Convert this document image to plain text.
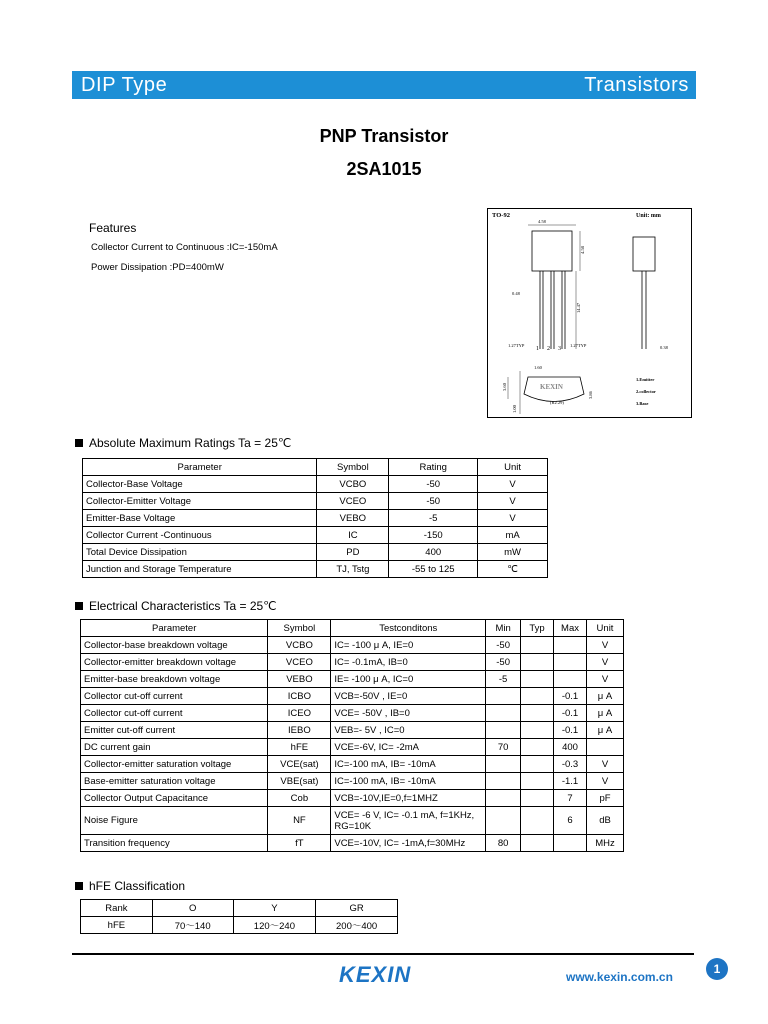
DIP Type	Transistors
PNP Transistor
2SA1015
Features
Collector Current to Continuous :IC=-150mA
Power Dissipation :PD=400mW
TO-92	Unit: mm
4.58
4.58
0.48
14.47
1.27TYP	1.27TYP
1 2 3
3.60
3.86
0.38
1.00
(R2.29)
1.60
KEXIN
1.Emitter
2.collector
3.Base
Absolute Maximum Ratings Ta = 25℃
Parameter	Symbol	Rating	Unit
Collector-Base Voltage	VCBO	-50	V
Collector-Emitter Voltage	VCEO	-50	V
Emitter-Base Voltage	VEBO	-5	V
Collector Current -Continuous	IC	-150	mA
Total Device Dissipation	PD	400	mW
Junction and Storage Temperature	TJ, Tstg	-55 to 125	℃
Electrical Characteristics Ta = 25℃
Parameter	Symbol	Testconditons	Min	Typ	Max	Unit
Collector-base breakdown voltage	VCBO	IC= -100 μ A, IE=0	-50			V
Collector-emitter breakdown voltage	VCEO	IC= -0.1mA, IB=0	-50			V
Emitter-base breakdown voltage	VEBO	IE= -100 μ A, IC=0	-5			V
Collector cut-off current	ICBO	VCB=-50V , IE=0			-0.1	μ A
Collector cut-off current	ICEO	VCE= -50V , IB=0			-0.1	μ A
Emitter cut-off current	IEBO	VEB=- 5V , IC=0			-0.1	μ A
DC current gain	hFE	VCE=-6V, IC= -2mA	70		400	
Collector-emitter saturation voltage	VCE(sat)	IC=-100 mA, IB= -10mA			-0.3	V
Base-emitter saturation voltage	VBE(sat)	IC=-100 mA, IB= -10mA			-1.1	V
Collector Output Capacitance	Cob	VCB=-10V,IE=0,f=1MHZ			7	pF
Noise Figure	NF	VCE= -6 V, IC= -0.1 mA, f=1KHz, RG=10K			6	dB
Transition frequency	fT	VCE=-10V, IC= -1mA,f=30MHz	80			MHz
hFE Classification
Rank	O	Y	GR
hFE	70～140	120～240	200～400
KEXIN	www.kexin.com.cn
1
